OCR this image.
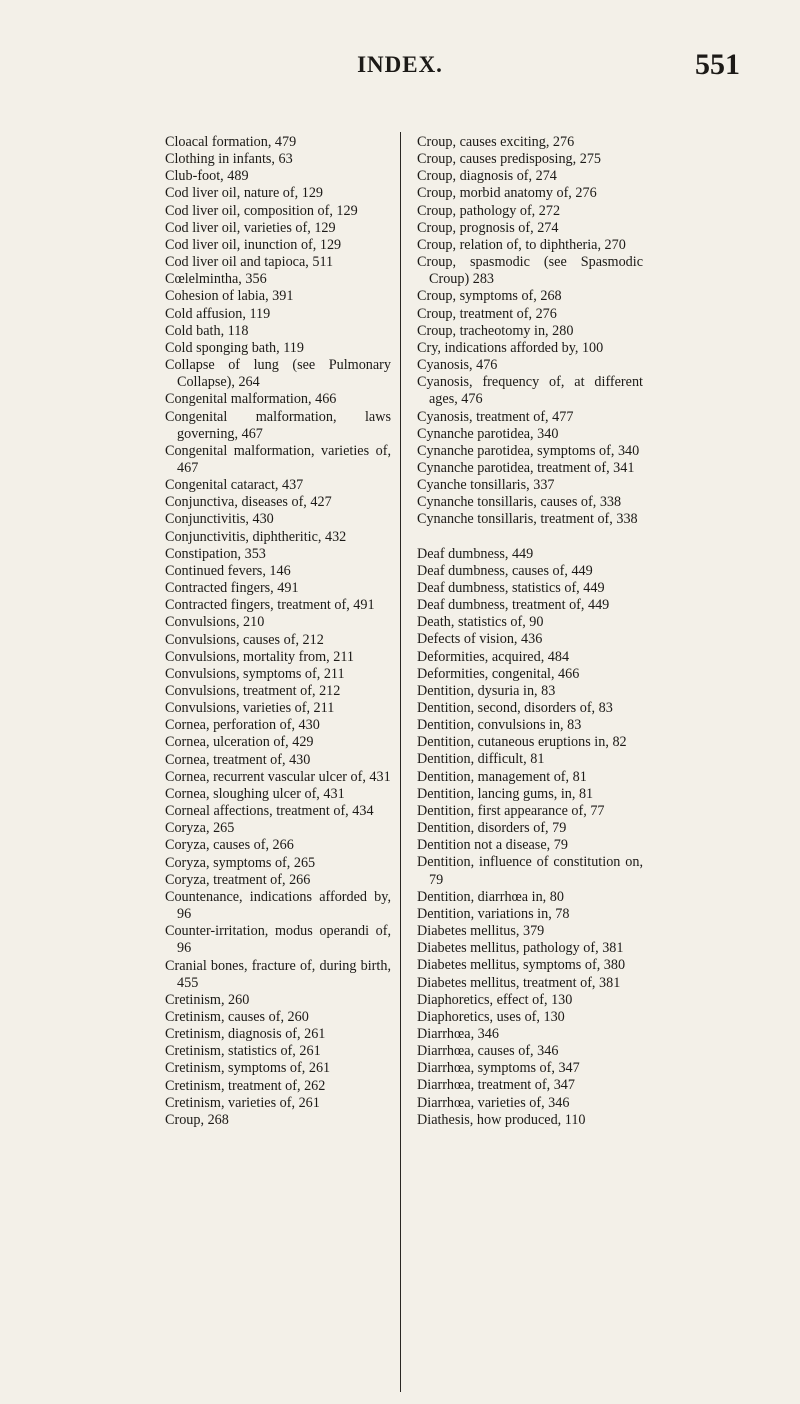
INDEX.	551

Cloacal formation, 479

Clothing in infants, 63

Club-foot, 489

Cod liver oil, nature of, 129

Cod liver oil, composition of, 129

Cod liver oil, varieties of, 129

Cod liver oil, inunction of, 129

Cod liver oil and tapioca, 511

Cœlelmintha, 356

Cohesion of labia, 391

Cold affusion, 119

Cold bath, 118

Cold sponging bath, 119

Collapse of lung (see Pulmonary Collapse), 264

Congenital malformation, 466

Congenital malformation, laws governing, 467

Congenital malformation, varieties of, 467

Congenital cataract, 437

Conjunctiva, diseases of, 427

Conjunctivitis, 430

Conjunctivitis, diphtheritic, 432

Constipation, 353

Continued fevers, 146

Contracted fingers, 491

Contracted fingers, treatment of, 491

Convulsions, 210

Convulsions, causes of, 212

Convulsions, mortality from, 211

Convulsions, symptoms of, 211

Convulsions, treatment of, 212

Convulsions, varieties of, 211

Cornea, perforation of, 430

Cornea, ulceration of, 429

Cornea, treatment of, 430

Cornea, recurrent vascular ulcer of, 431

Cornea, sloughing ulcer of, 431

Corneal affections, treatment of, 434

Coryza, 265

Coryza, causes of, 266

Coryza, symptoms of, 265

Coryza, treatment of, 266

Countenance, indications afforded by, 96

Counter-irritation, modus operandi of, 96

Cranial bones, fracture of, during birth, 455

Cretinism, 260

Cretinism, causes of, 260

Cretinism, diagnosis of, 261

Cretinism, statistics of, 261

Cretinism, symptoms of, 261

Cretinism, treatment of, 262

Cretinism, varieties of, 261

Croup, 268

Croup, causes exciting, 276

Croup, causes predisposing, 275

Croup, diagnosis of, 274

Croup, morbid anatomy of, 276

Croup, pathology of, 272

Croup, prognosis of, 274

Croup, relation of, to diphtheria, 270

Croup, spasmodic (see Spasmodic Croup) 283

Croup, symptoms of, 268

Croup, treatment of, 276

Croup, tracheotomy in, 280

Cry, indications afforded by, 100

Cyanosis, 476

Cyanosis, frequency of, at different ages, 476

Cyanosis, treatment of, 477

Cynanche parotidea, 340

Cynanche parotidea, symptoms of, 340

Cynanche parotidea, treatment of, 341

Cyanche tonsillaris, 337

Cynanche tonsillaris, causes of, 338

Cynanche tonsillaris, treatment of, 338

Deaf dumbness, 449

Deaf dumbness, causes of, 449

Deaf dumbness, statistics of, 449

Deaf dumbness, treatment of, 449

Death, statistics of, 90

Defects of vision, 436

Deformities, acquired, 484

Deformities, congenital, 466

Dentition, dysuria in, 83

Dentition, second, disorders of, 83

Dentition, convulsions in, 83

Dentition, cutaneous eruptions in, 82

Dentition, difficult, 81

Dentition, management of, 81

Dentition, lancing gums, in, 81

Dentition, first appearance of, 77

Dentition, disorders of, 79

Dentition not a disease, 79

Dentition, influence of constitution on, 79

Dentition, diarrhœa in, 80

Dentition, variations in, 78

Diabetes mellitus, 379

Diabetes mellitus, pathology of, 381

Diabetes mellitus, symptoms of, 380

Diabetes mellitus, treatment of, 381

Diaphoretics, effect of, 130

Diaphoretics, uses of, 130

Diarrhœa, 346

Diarrhœa, causes of, 346

Diarrhœa, symptoms of, 347

Diarrhœa, treatment of, 347

Diarrhœa, varieties of, 346

Diathesis, how produced, 110
